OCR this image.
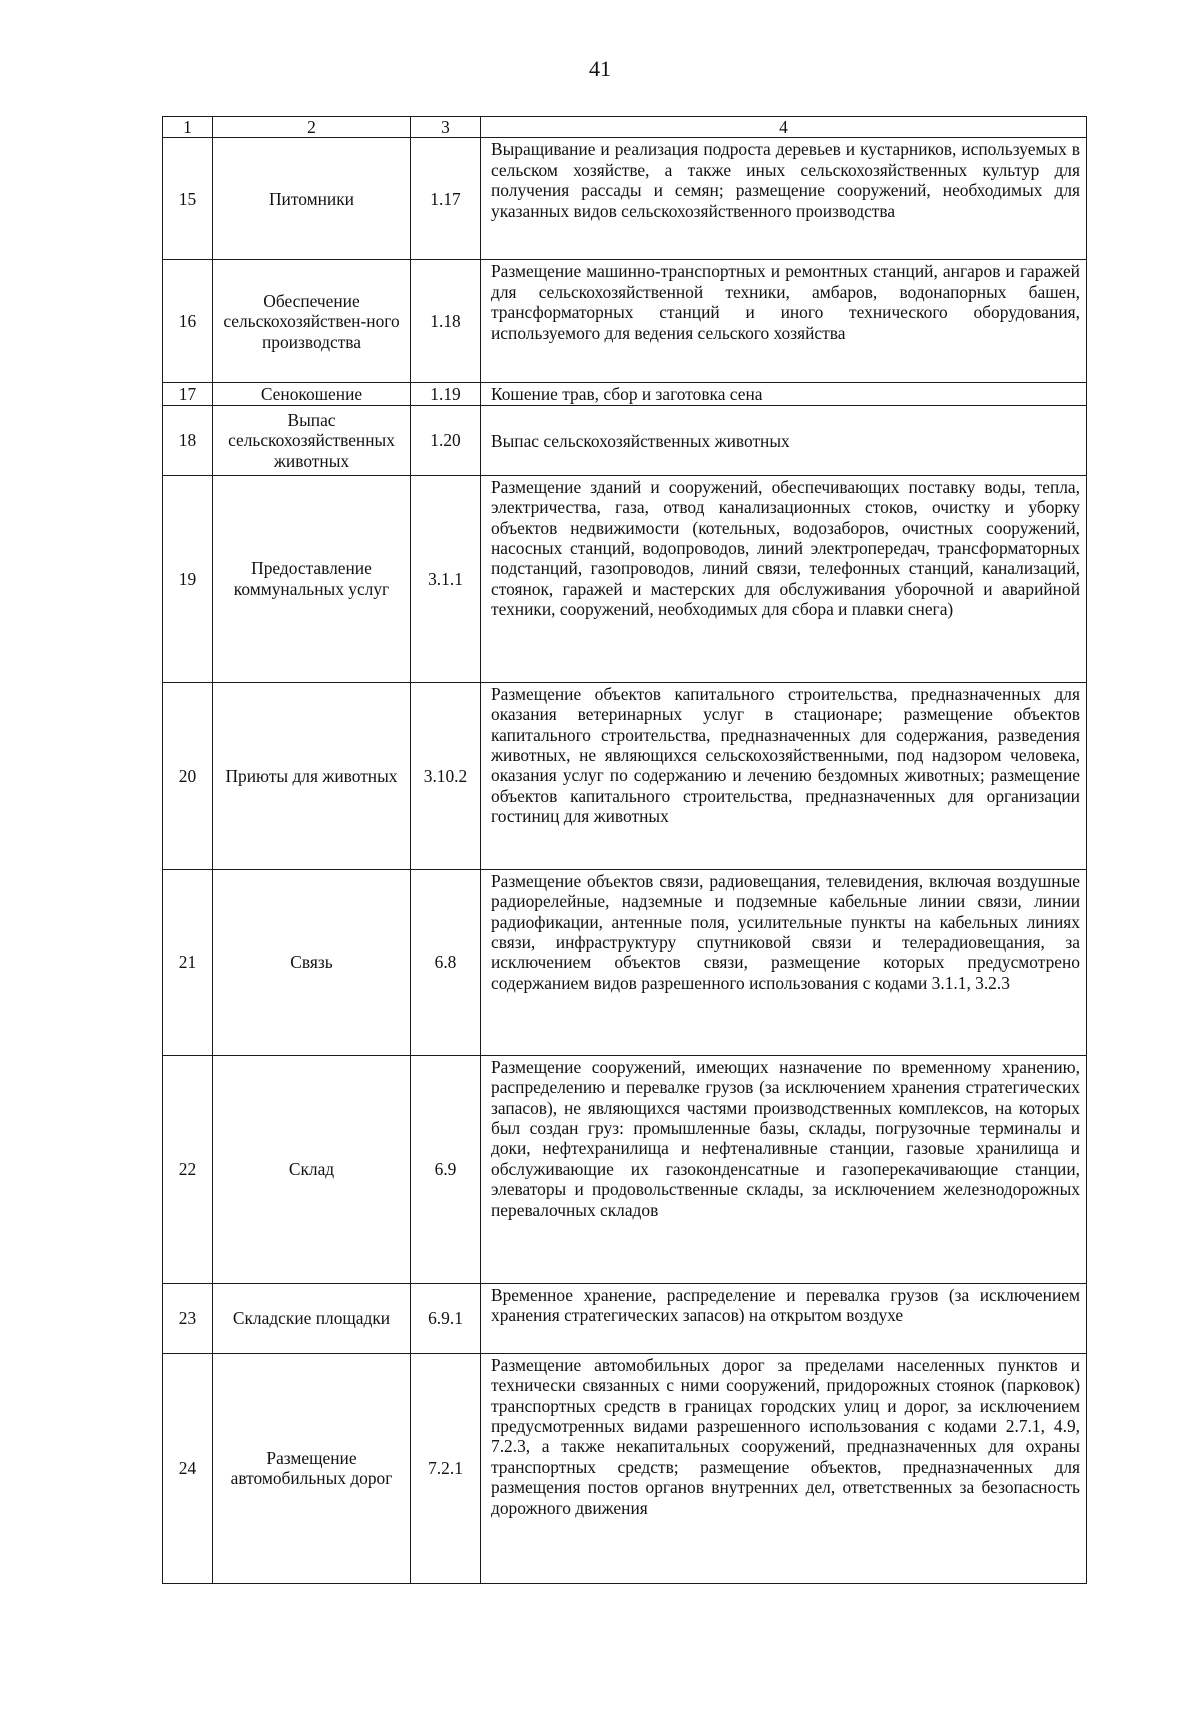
41
1	2	3	4
15	Питомники	1.17	Выращивание и реализация подроста деревьев и кустарников, используемых в сельском хозяйстве, а также иных сельскохозяйственных культур для получения рассады и семян; размещение сооружений, необходимых для указанных видов сельскохозяйственного производства
16	Обеспечение сельскохозяйствен-ного производства	1.18	Размещение машинно-транспортных и ремонтных станций, ангаров и гаражей для сельскохозяйственной техники, амбаров, водонапорных башен, трансформаторных станций и иного технического оборудования, используемого для ведения сельского хозяйства
17	Сенокошение	1.19	Кошение трав, сбор и заготовка сена
18	Выпас сельскохозяйственных животных	1.20	Выпас сельскохозяйственных животных
19	Предоставление коммунальных услуг	3.1.1	Размещение зданий и сооружений, обеспечивающих поставку воды, тепла, электричества, газа, отвод канализационных стоков, очистку и уборку объектов недвижимости (котельных, водозаборов, очистных сооружений, насосных станций, водопроводов, линий электропередач, трансформаторных подстанций, газопроводов, линий связи, телефонных станций, канализаций, стоянок, гаражей и мастерских для обслуживания уборочной и аварийной техники, сооружений, необходимых для сбора и плавки снега)
20	Приюты для животных	3.10.2	Размещение объектов капитального строительства, предназначенных для оказания ветеринарных услуг в стационаре; размещение объектов капитального строительства, предназначенных для содержания, разведения животных, не являющихся сельскохозяйственными, под надзором человека, оказания услуг по содержанию и лечению бездомных животных; размещение объектов капитального строительства, предназначенных для организации гостиниц для животных
21	Связь	6.8	Размещение объектов связи, радиовещания, телевидения, включая воздушные радиорелейные, надземные и подземные кабельные линии связи, линии радиофикации, антенные поля, усилительные пункты на кабельных линиях связи, инфраструктуру спутниковой связи и телерадиовещания, за исключением объектов связи, размещение которых предусмотрено содержанием видов разрешенного использования с кодами 3.1.1, 3.2.3
22	Склад	6.9	Размещение сооружений, имеющих назначение по временному хранению, распределению и перевалке грузов (за исключением хранения стратегических запасов), не являющихся частями производственных комплексов, на которых был создан груз: промышленные базы, склады, погрузочные терминалы и доки, нефтехранилища и нефтеналивные станции, газовые хранилища и обслуживающие их газоконденсатные и газоперекачивающие станции, элеваторы и продовольственные склады, за исключением железнодорожных перевалочных складов
23	Складские площадки	6.9.1	Временное хранение, распределение и перевалка грузов (за исключением хранения стратегических запасов) на открытом воздухе
24	Размещение автомобильных дорог	7.2.1	Размещение автомобильных дорог за пределами населенных пунктов и технически связанных с ними сооружений, придорожных стоянок (парковок) транспортных средств в границах городских улиц и дорог, за исключением предусмотренных видами разрешенного использования с кодами 2.7.1, 4.9, 7.2.3, а также некапитальных сооружений, предназначенных для охраны транспортных средств; размещение объектов, предназначенных для размещения постов органов внутренних дел, ответственных за безопасность дорожного движения
